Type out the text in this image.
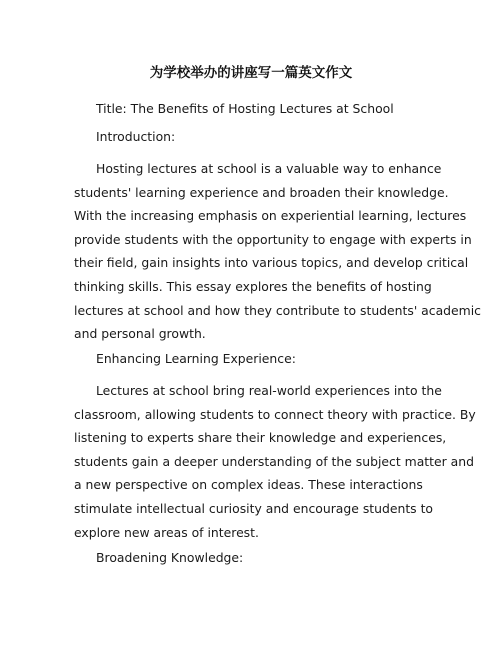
为学校举办的讲座写一篇英文作文

Title: The Benefits of Hosting Lectures at School

Introduction:

Hosting lectures at school is a valuable way to enhance
students' learning experience and broaden their knowledge.
With the increasing emphasis on experiential learning, lectures
provide students with the opportunity to engage with experts in
their field, gain insights into various topics, and develop critical
thinking skills. This essay explores the benefits of hosting
lectures at school and how they contribute to students' academic
and personal growth.

Enhancing Learning Experience:

Lectures at school bring real-world experiences into the
classroom, allowing students to connect theory with practice. By
listening to experts share their knowledge and experiences,
students gain a deeper understanding of the subject matter and
a new perspective on complex ideas. These interactions
stimulate intellectual curiosity and encourage students to
explore new areas of interest.

Broadening Knowledge:
